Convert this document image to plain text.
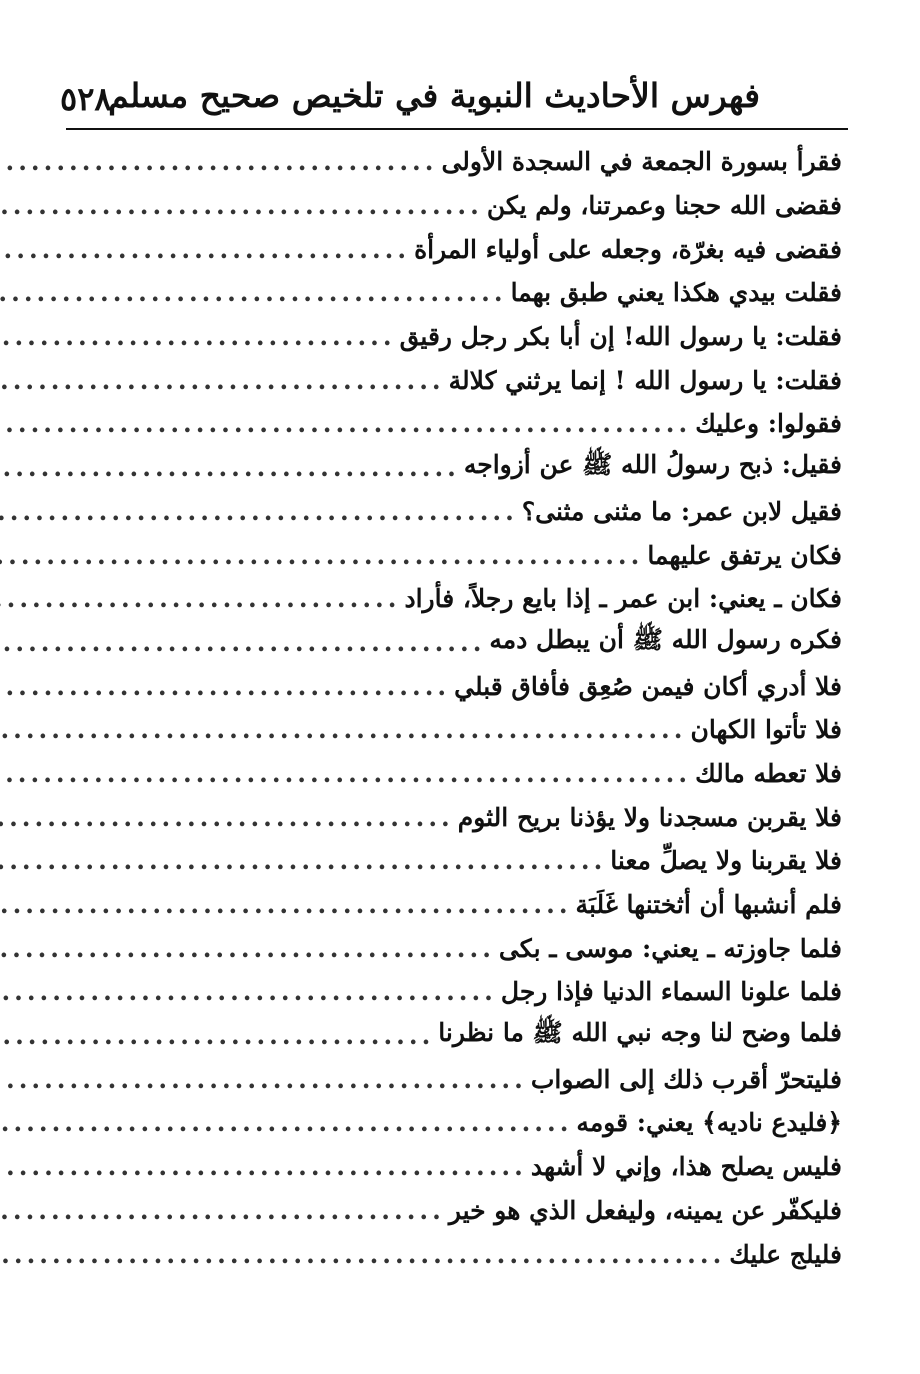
٥٢٨
فهرس الأحاديث النبوية في تلخيص صحيح مسلم
فقرأ بسورة الجمعة في السجدة الأولى
.....
فقضى الله حجنا وعمرتنا، ولم يكن
.....
فقضى فيه بغرّة، وجعله على أولياء المرأة
.....
فقلت بيدي هكذا يعني طبق بهما
.....
فقلت: يا رسول الله! إن أبا بكر رجل رقيق
.....
فقلت: يا رسول الله ! إنما يرثني كلالة
.....
فقولوا: وعليك
.....
فقيل: ذبح رسولُ الله ﷺ عن أزواجه
.....
فقيل لابن عمر: ما مثنى مثنى؟
.....
فكان يرتفق عليهما
.....
فكان ـ يعني: ابن عمر ـ إذا بايع رجلاً، فأراد
.....
فكره رسول الله ﷺ أن يبطل دمه
.....
فلا أدري أكان فيمن صُعِق فأفاق قبلي
.....
فلا تأتوا الكهان
.....
فلا تعطه مالك
.....
فلا يقربن مسجدنا ولا يؤذنا بريح الثوم
.....
فلا يقربنا ولا يصلِّ معنا
.....
فلم أنشبها أن أثختنها غَلَبَة
.....
فلما جاوزته ـ يعني: موسى ـ بكى
.....
فلما علونا السماء الدنيا فإذا رجل
.....
فلما وضح لنا وجه نبي الله ﷺ ما نظرنا
.....
فليتحرّ أقرب ذلك إلى الصواب
.....
﴿فليدع ناديه﴾ يعني: قومه
.....
فليس يصلح هذا، وإني لا أشهد
.....
فليكفّر عن يمينه، وليفعل الذي هو خير
.....
فليلج عليك
.....
